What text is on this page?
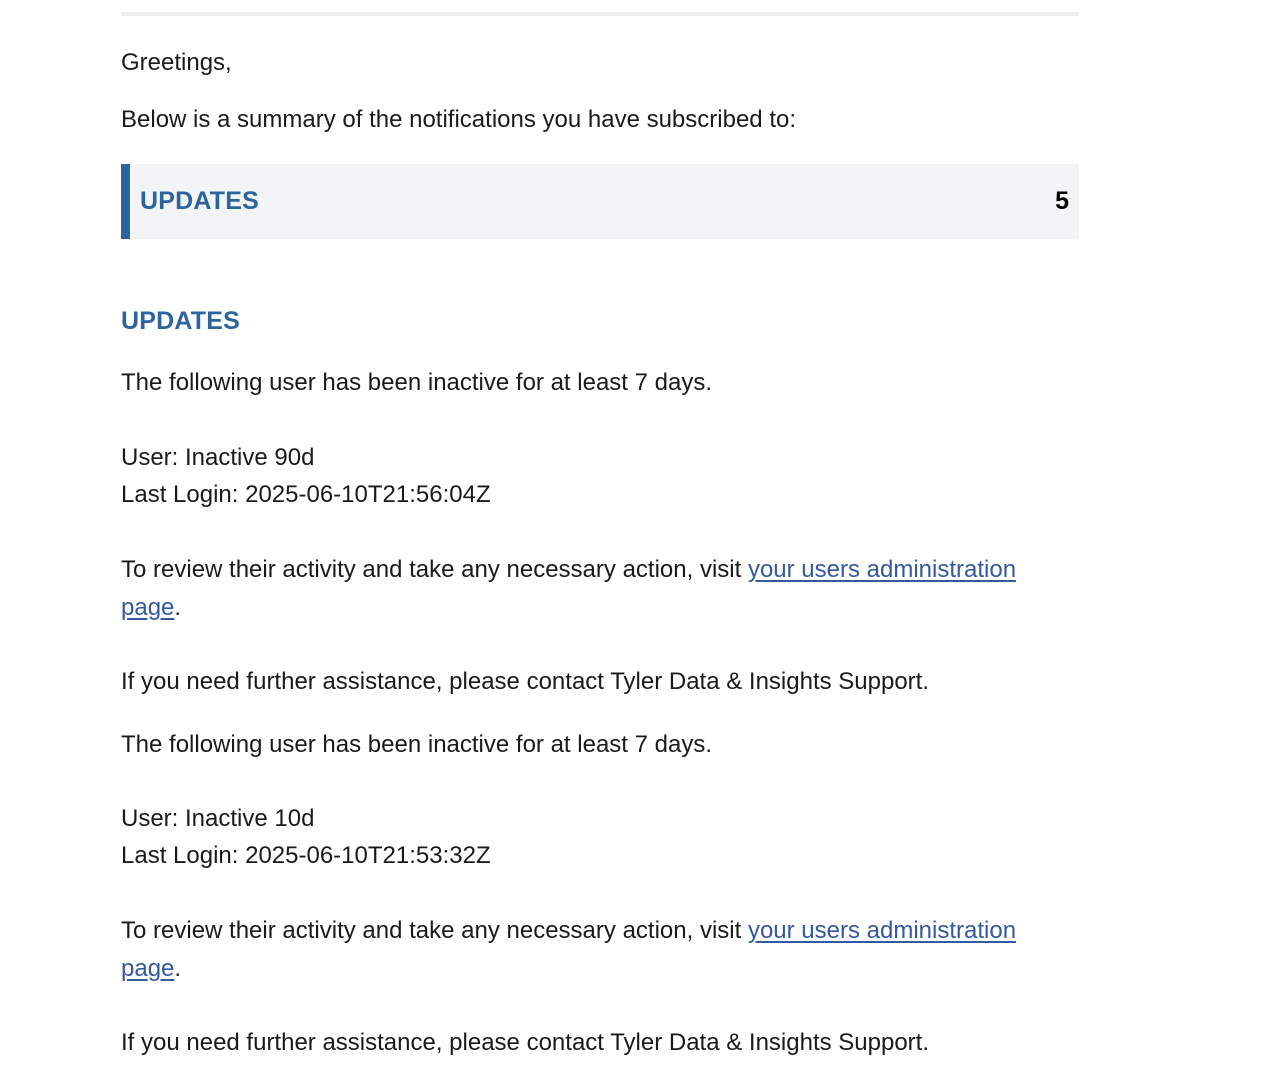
Greetings,
Below is a summary of the notifications you have subscribed to:
UPDATES	5
UPDATES
The following user has been inactive for at least 7 days.
User: Inactive 90d
Last Login: 2025-06-10T21:56:04Z
To review their activity and take any necessary action, visit your users administration
page.
If you need further assistance, please contact Tyler Data & Insights Support.
The following user has been inactive for at least 7 days.
User: Inactive 10d
Last Login: 2025-06-10T21:53:32Z
To review their activity and take any necessary action, visit your users administration
page.
If you need further assistance, please contact Tyler Data & Insights Support.
